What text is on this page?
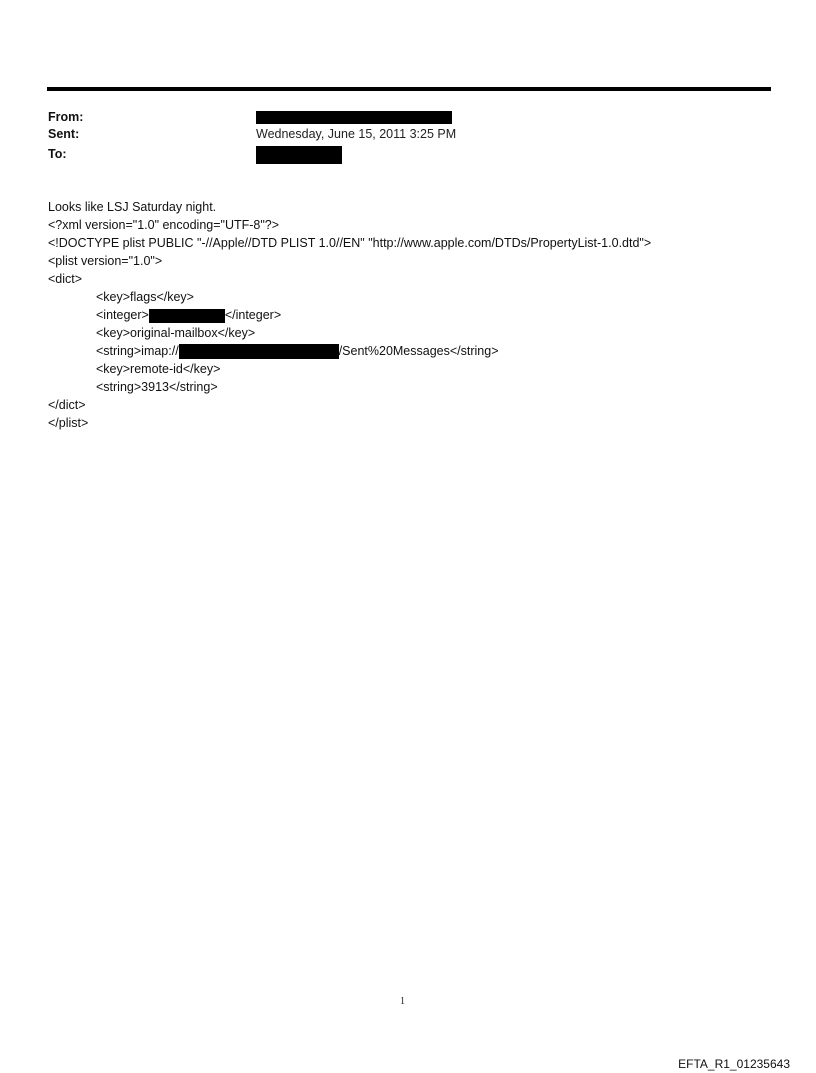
From:
Sent:	Wednesday, June 15, 2011 3:25 PM
To:
Looks like LSJ Saturday night.
<?xml version="1.0" encoding="UTF-8"?>
<!DOCTYPE plist PUBLIC "-//Apple//DTD PLIST 1.0//EN" "http://www.apple.com/DTDs/PropertyList-1.0.dtd">
<plist version="1.0">
<dict>
<key>flags</key>
<integer>	</integer>
<key>original-mailbox</key>
<string>imap://	/Sent%20Messages</string>
<key>remote-id</key>
<string>3913</string>
</dict>
</plist>
1
EFTA_R1_01235643
